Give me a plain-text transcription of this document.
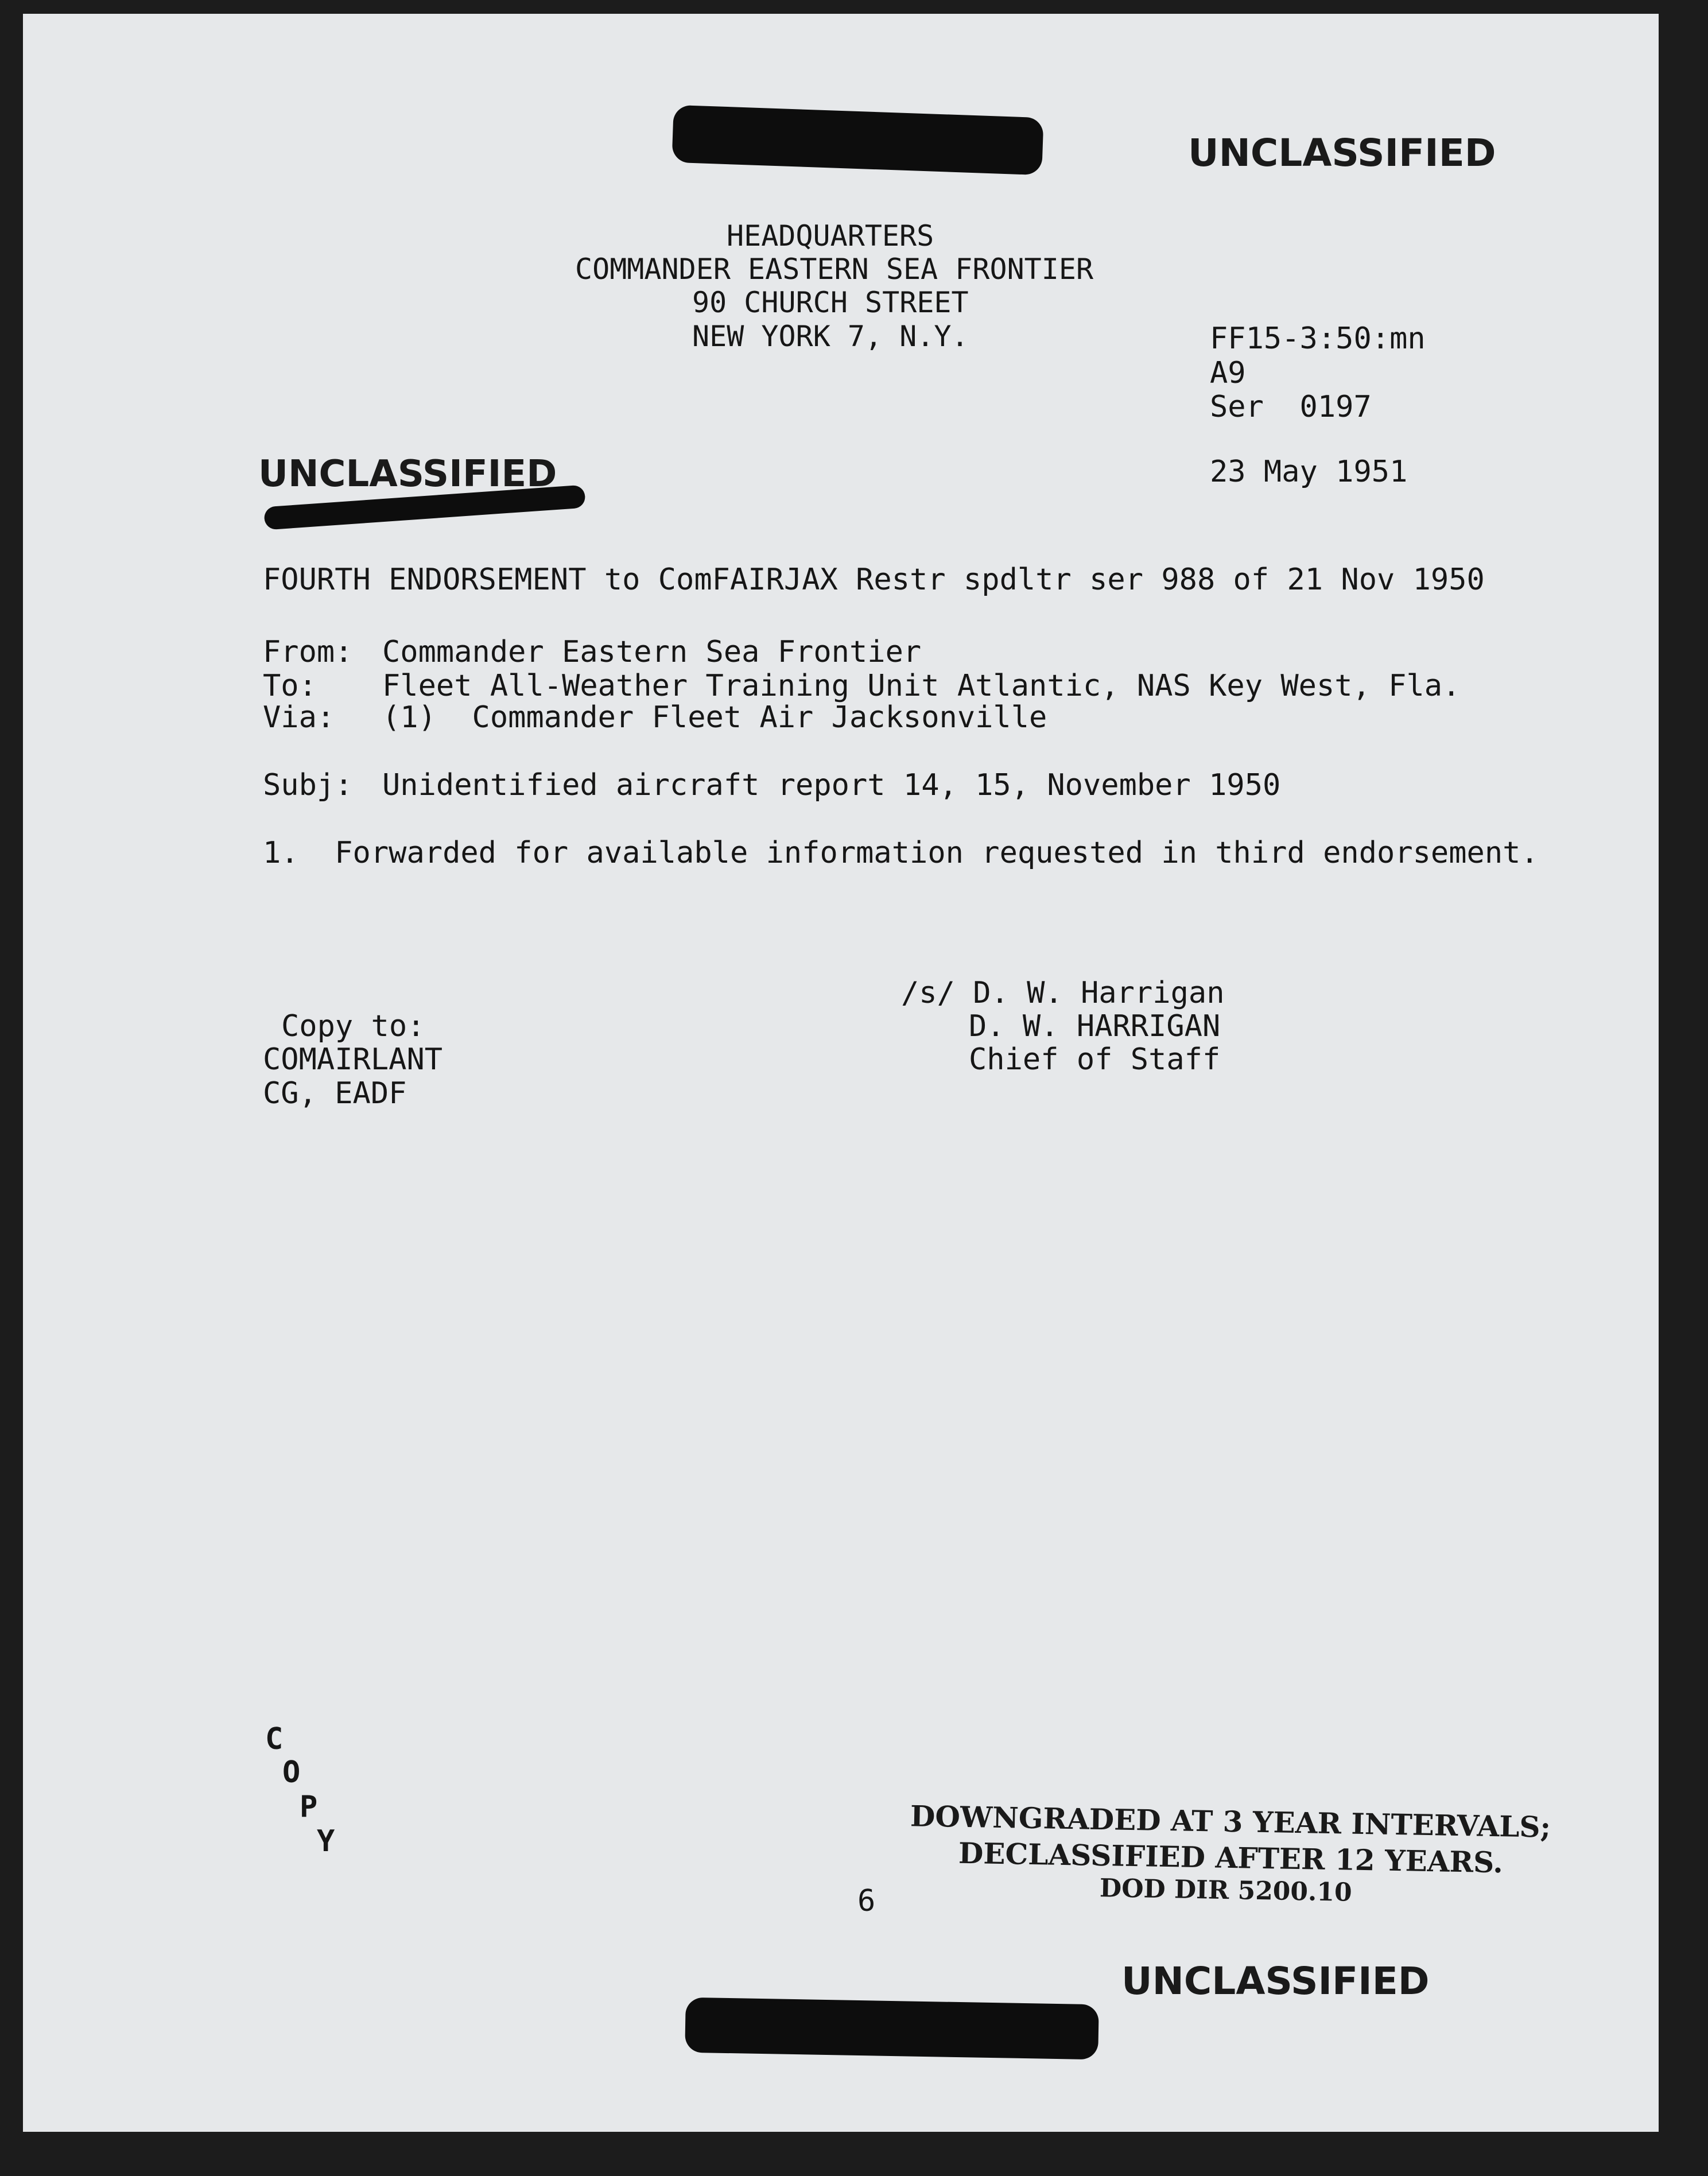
UNCLASSIFIED
HEADQUARTERS
COMMANDER EASTERN SEA FRONTIER
90 CHURCH STREET
NEW YORK 7, N.Y.	FF15-3:50:mn
A9
Ser  0197
23 May 1951
UNCLASSIFIED
FOURTH ENDORSEMENT to ComFAIRJAX Restr spdltr ser 988 of 21 Nov 1950
From: Commander Eastern Sea Frontier
To: Fleet All-Weather Training Unit Atlantic, NAS Key West, Fla.
Via: (1)  Commander Fleet Air Jacksonville
Subj: Unidentified aircraft report 14, 15, November 1950
1.  Forwarded for available information requested in third endorsement.
/s/ D. W. Harrigan
D. W. HARRIGAN
Chief of Staff
Copy to:
COMAIRLANT
CG, EADF
C
O
P
Y	DOWNGRADED AT 3 YEAR INTERVALS;
DECLASSIFIED AFTER 12 YEARS.
DOD DIR 5200.10
6
UNCLASSIFIED
